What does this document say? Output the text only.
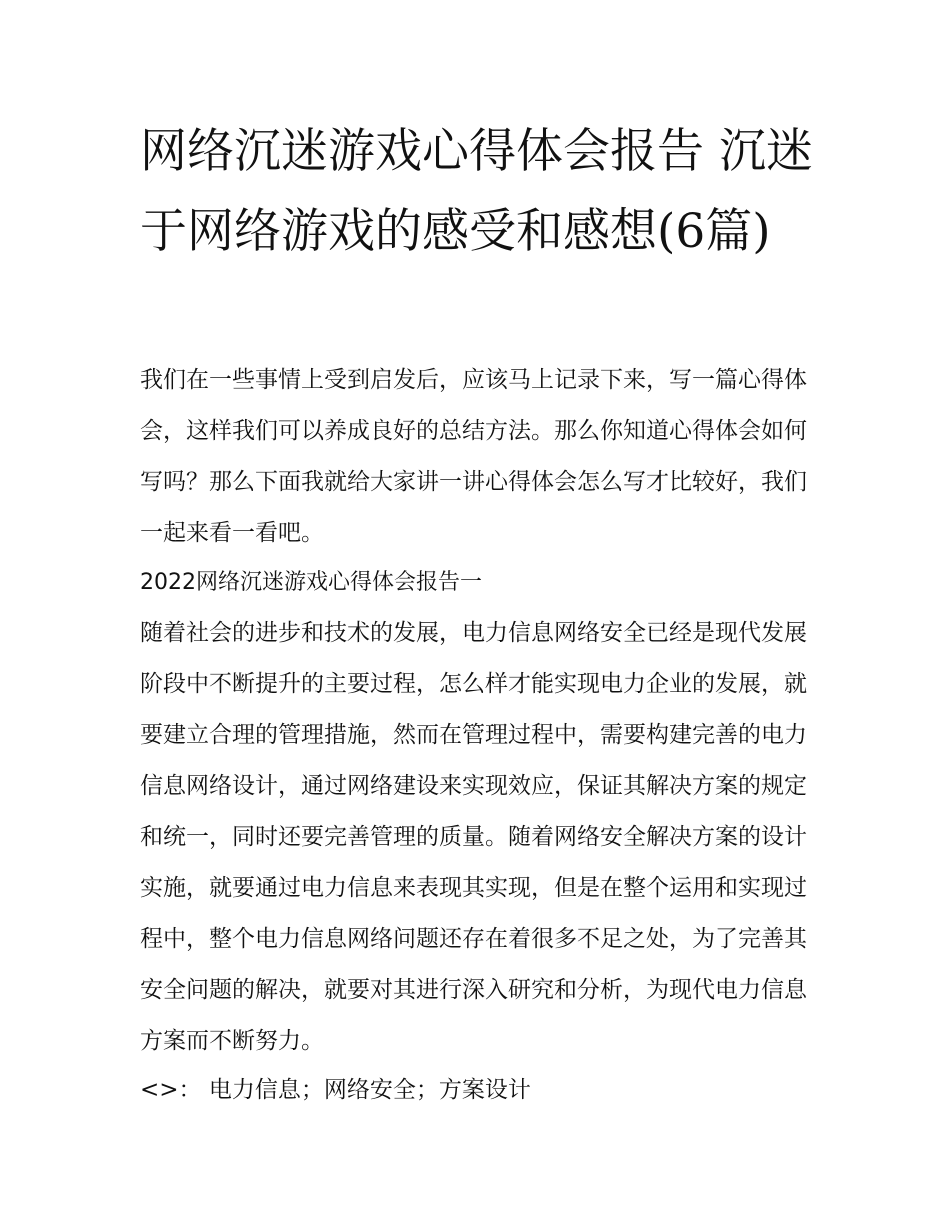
网络沉迷游戏心得体会报告 沉迷于网络游戏的感受和感想(6篇)

我们在一些事情上受到启发后，应该马上记录下来，写一篇心得体会，这样我们可以养成良好的总结方法。那么你知道心得体会如何写吗？那么下面我就给大家讲一讲心得体会怎么写才比较好，我们一起来看一看吧。

2022网络沉迷游戏心得体会报告一

随着社会的进步和技术的发展，电力信息网络安全已经是现代发展阶段中不断提升的主要过程，怎么样才能实现电力企业的发展，就要建立合理的管理措施，然而在管理过程中，需要构建完善的电力信息网络设计，通过网络建设来实现效应，保证其解决方案的规定和统一，同时还要完善管理的质量。随着网络安全解决方案的设计实施，就要通过电力信息来表现其实现，但是在整个运用和实现过程中，整个电力信息网络问题还存在着很多不足之处，为了完善其安全问题的解决，就要对其进行深入研究和分析，为现代电力信息方案而不断努力。

<>： 电力信息；网络安全；方案设计
